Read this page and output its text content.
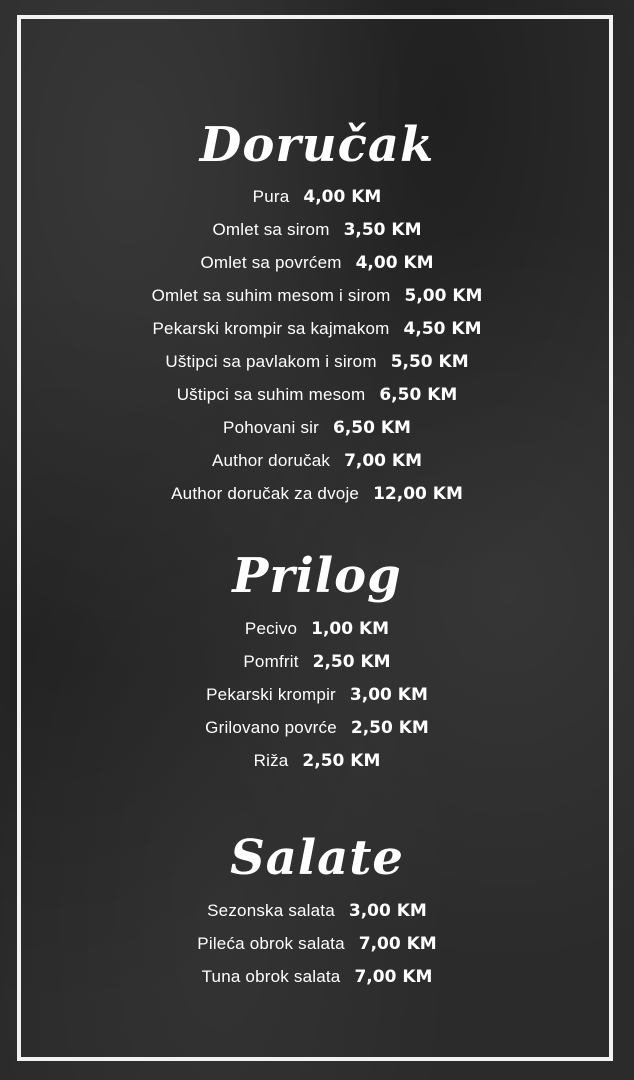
Doručak
Pura 4,00 KM
Omlet sa sirom 3,50 KM
Omlet sa povrćem 4,00 KM
Omlet sa suhim mesom i sirom 5,00 KM
Pekarski krompir sa kajmakom 4,50 KM
Uštipci sa pavlakom i sirom 5,50 KM
Uštipci sa suhim mesom 6,50 KM
Pohovani sir 6,50 KM
Author doručak 7,00 KM
Author doručak za dvoje 12,00 KM
Prilog
Pecivo 1,00 KM
Pomfrit 2,50 KM
Pekarski krompir 3,00 KM
Grilovano povrće 2,50 KM
Riža 2,50 KM
Salate
Sezonska salata 3,00 KM
Pileća obrok salata 7,00 KM
Tuna obrok salata 7,00 KM
